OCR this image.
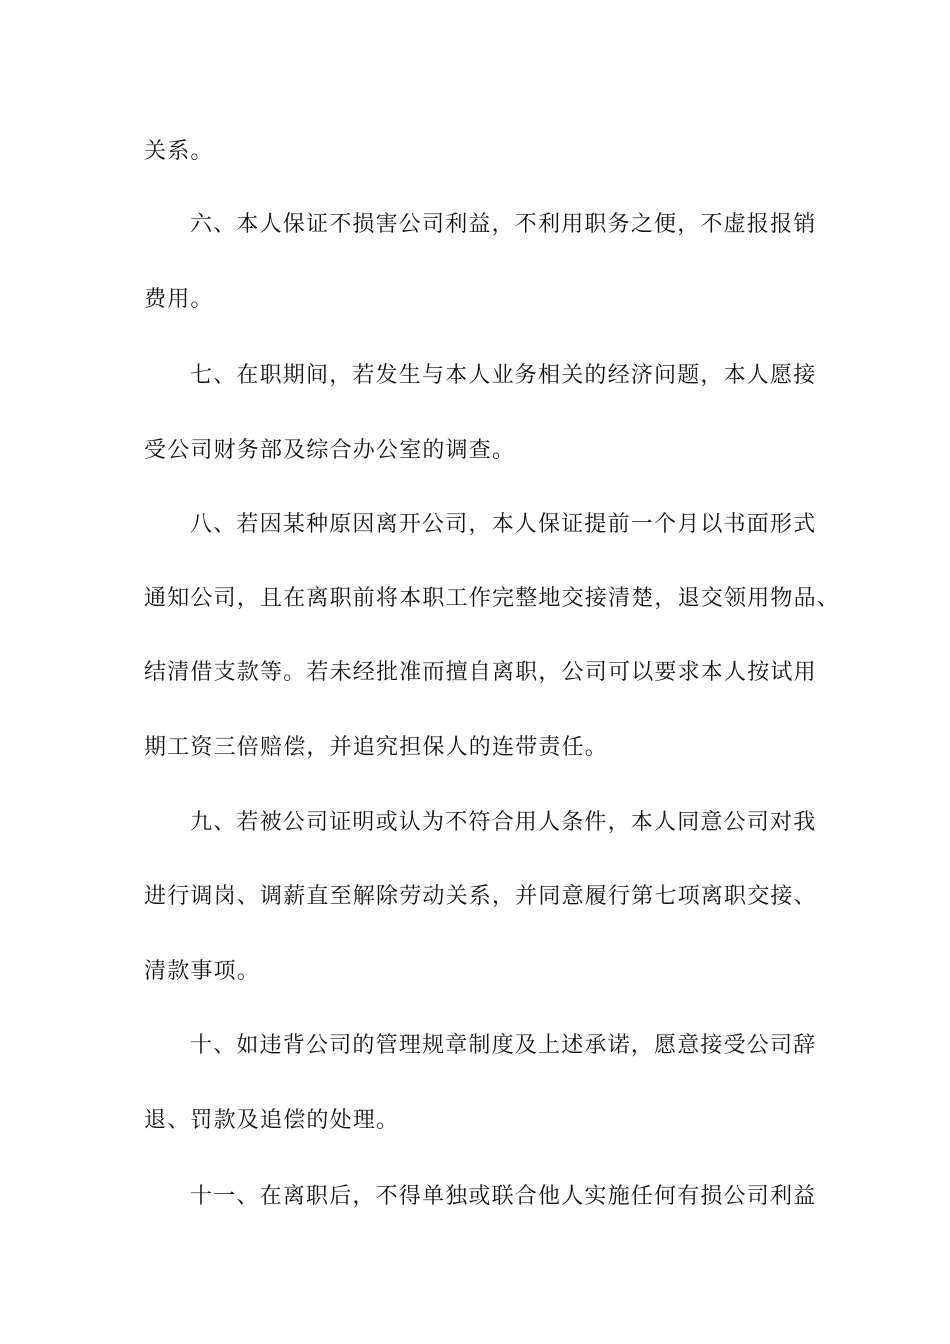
关系。
六、本人保证不损害公司利益，不利用职务之便，不虚报报销
费用。
七、在职期间，若发生与本人业务相关的经济问题，本人愿接
受公司财务部及综合办公室的调查。
八、若因某种原因离开公司，本人保证提前一个月以书面形式
通知公司，且在离职前将本职工作完整地交接清楚，退交领用物品、
结清借支款等。若未经批准而擅自离职，公司可以要求本人按试用
期工资三倍赔偿，并追究担保人的连带责任。
九、若被公司证明或认为不符合用人条件，本人同意公司对我
进行调岗、调薪直至解除劳动关系，并同意履行第七项离职交接、
清款事项。
十、如违背公司的管理规章制度及上述承诺，愿意接受公司辞
退、罚款及追偿的处理。
十一、在离职后，不得单独或联合他人实施任何有损公司利益
